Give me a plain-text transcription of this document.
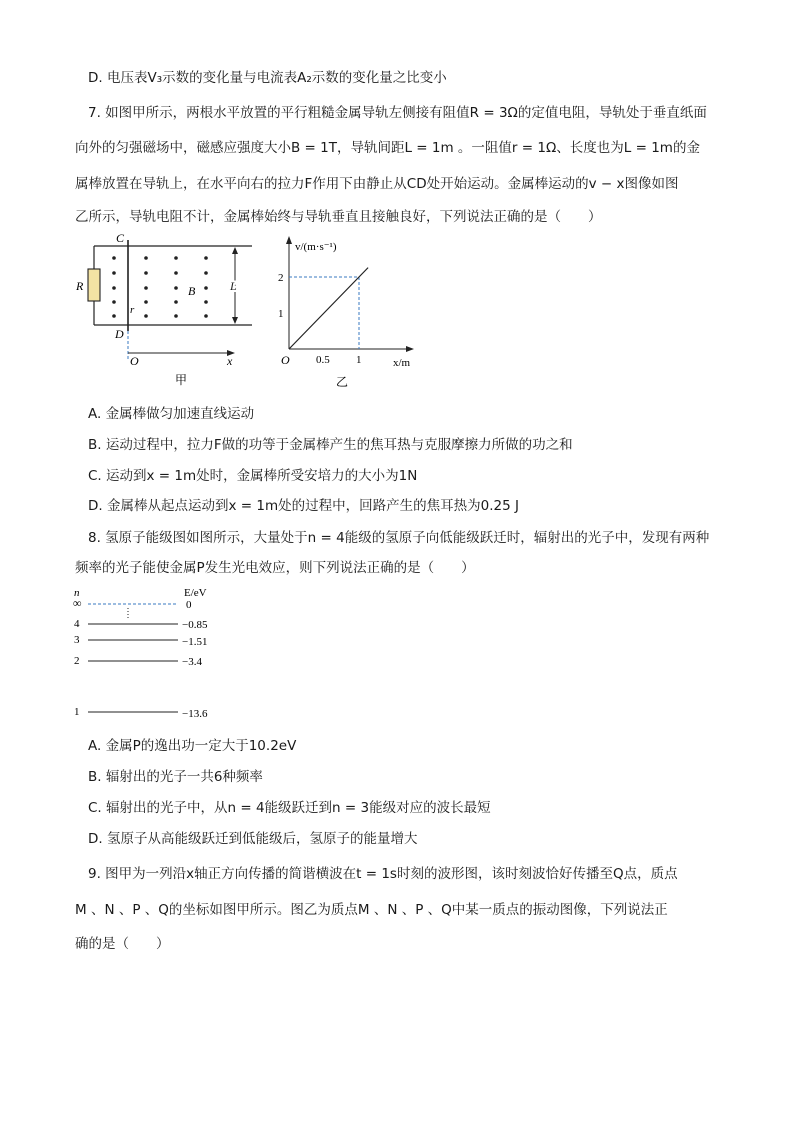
D. 电压表V₃示数的变化量与电流表A₂示数的变化量之比变小
7. 如图甲所示，两根水平放置的平行粗糙金属导轨左侧接有阻值R = 3Ω的定值电阻，导轨处于垂直纸面
向外的匀强磁场中，磁感应强度大小B = 1T，导轨间距L = 1m 。一阻值r = 1Ω、长度也为L = 1m的金
属棒放置在导轨上，在水平向右的拉力F作用下由静止从CD处开始运动。金属棒运动的v − x图像如图
乙所示，导轨电阻不计，金属棒始终与导轨垂直且接触良好，下列说法正确的是（　　）
R
C
D
r
B	L
O	x
甲
v/(m·s⁻¹)
x/m
O 0.5 1
1
2
乙
A. 金属棒做匀加速直线运动
B. 运动过程中，拉力F做的功等于金属棒产生的焦耳热与克服摩擦力所做的功之和
C. 运动到x = 1m处时，金属棒所受安培力的大小为1N
D. 金属棒从起点运动到x = 1m处的过程中，回路产生的焦耳热为0.25 J
8. 氢原子能级图如图所示，大量处于n = 4能级的氢原子向低能级跃迁时，辐射出的光子中，发现有两种
频率的光子能使金属P发生光电效应，则下列说法正确的是（　　）
n	E/eV
∞	0
4	−0.85
3	−1.51
2	−3.4
1	−13.6
A. 金属P的逸出功一定大于10.2eV
B. 辐射出的光子一共6种频率
C. 辐射出的光子中，从n = 4能级跃迁到n = 3能级对应的波长最短
D. 氢原子从高能级跃迁到低能级后，氢原子的能量增大
9. 图甲为一列沿x轴正方向传播的简谐横波在t = 1s时刻的波形图，该时刻波恰好传播至Q点，质点
M 、N 、P 、Q的坐标如图甲所示。图乙为质点M 、N 、P 、Q中某一质点的振动图像，下列说法正
确的是（　　）
